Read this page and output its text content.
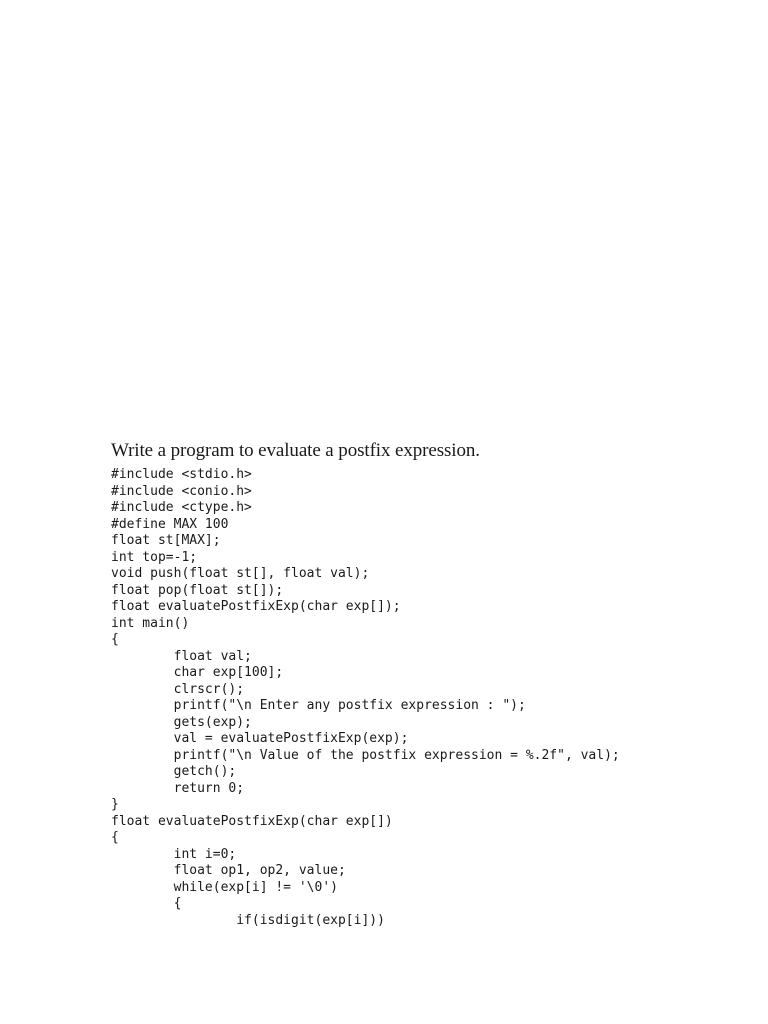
Write a program to evaluate a postfix expression.
#include <stdio.h>
#include <conio.h>
#include <ctype.h>
#define MAX 100
float st[MAX];
int top=-1;
void push(float st[], float val);
float pop(float st[]);
float evaluatePostfixExp(char exp[]);
int main()
{
float val;
char exp[100];
clrscr();
printf("\n Enter any postfix expression : ");
gets(exp);
val = evaluatePostfixExp(exp);
printf("\n Value of the postfix expression = %.2f", val);
getch();
return 0;
}
float evaluatePostfixExp(char exp[])
{
int i=0;
float op1, op2, value;
while(exp[i] != '\0')
{
if(isdigit(exp[i]))
